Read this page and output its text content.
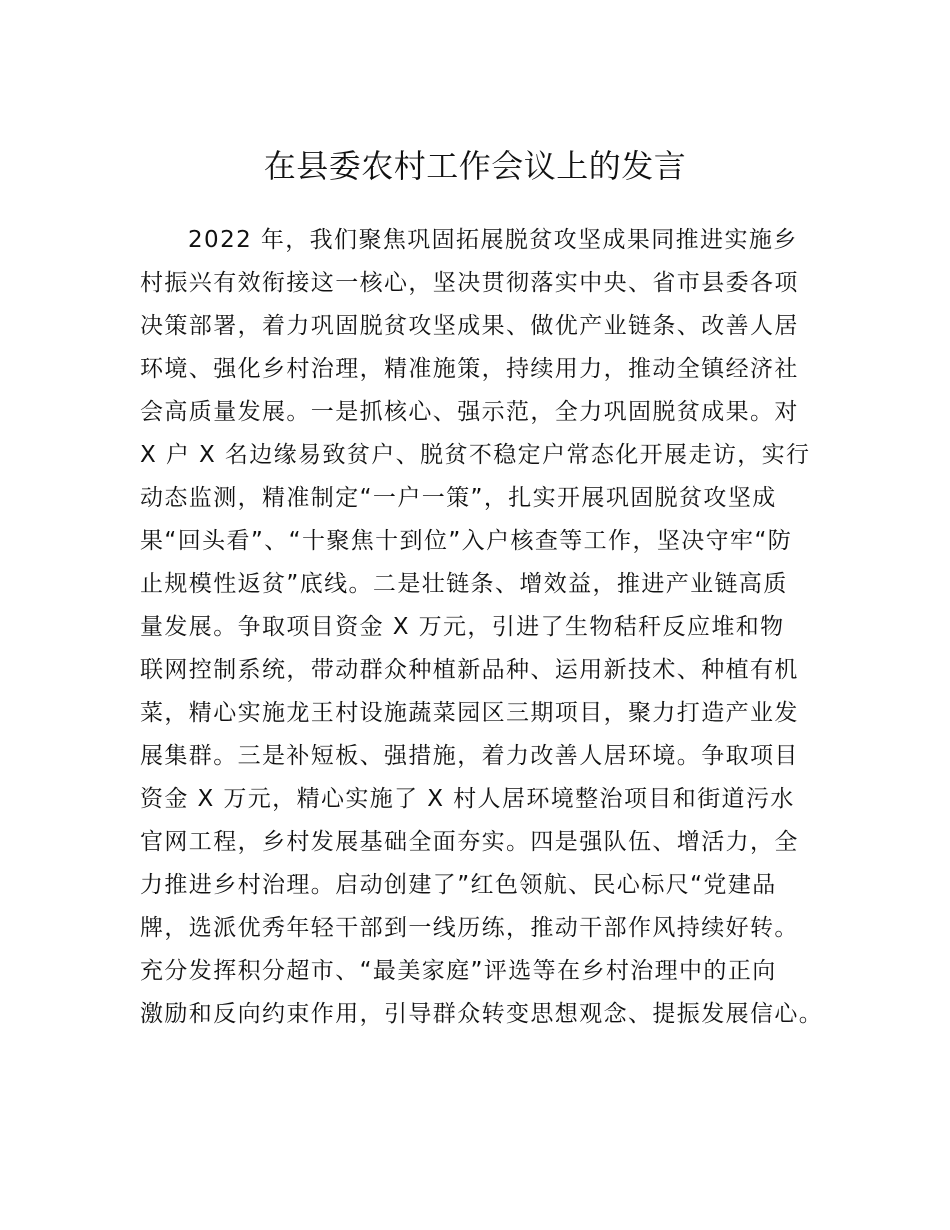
在县委农村工作会议上的发言
2022 年，我们聚焦巩固拓展脱贫攻坚成果同推进实施乡
村振兴有效衔接这一核心，坚决贯彻落实中央、省市县委各项
决策部署，着力巩固脱贫攻坚成果、做优产业链条、改善人居
环境、强化乡村治理，精准施策，持续用力，推动全镇经济社
会高质量发展。一是抓核心、强示范，全力巩固脱贫成果。对
X 户 X 名边缘易致贫户、脱贫不稳定户常态化开展走访，实行
动态监测，精准制定“一户一策”，扎实开展巩固脱贫攻坚成
果“回头看”、“十聚焦十到位”入户核查等工作，坚决守牢“防
止规模性返贫”底线。二是壮链条、增效益，推进产业链高质
量发展。争取项目资金 X 万元，引进了生物秸秆反应堆和物
联网控制系统，带动群众种植新品种、运用新技术、种植有机
菜，精心实施龙王村设施蔬菜园区三期项目，聚力打造产业发
展集群。三是补短板、强措施，着力改善人居环境。争取项目
资金 X 万元，精心实施了 X 村人居环境整治项目和街道污水
官网工程，乡村发展基础全面夯实。四是强队伍、增活力，全
力推进乡村治理。启动创建了”红色领航、民心标尺“党建品
牌，选派优秀年轻干部到一线历练，推动干部作风持续好转。
充分发挥积分超市、“最美家庭”评选等在乡村治理中的正向
激励和反向约束作用，引导群众转变思想观念、提振发展信心。
